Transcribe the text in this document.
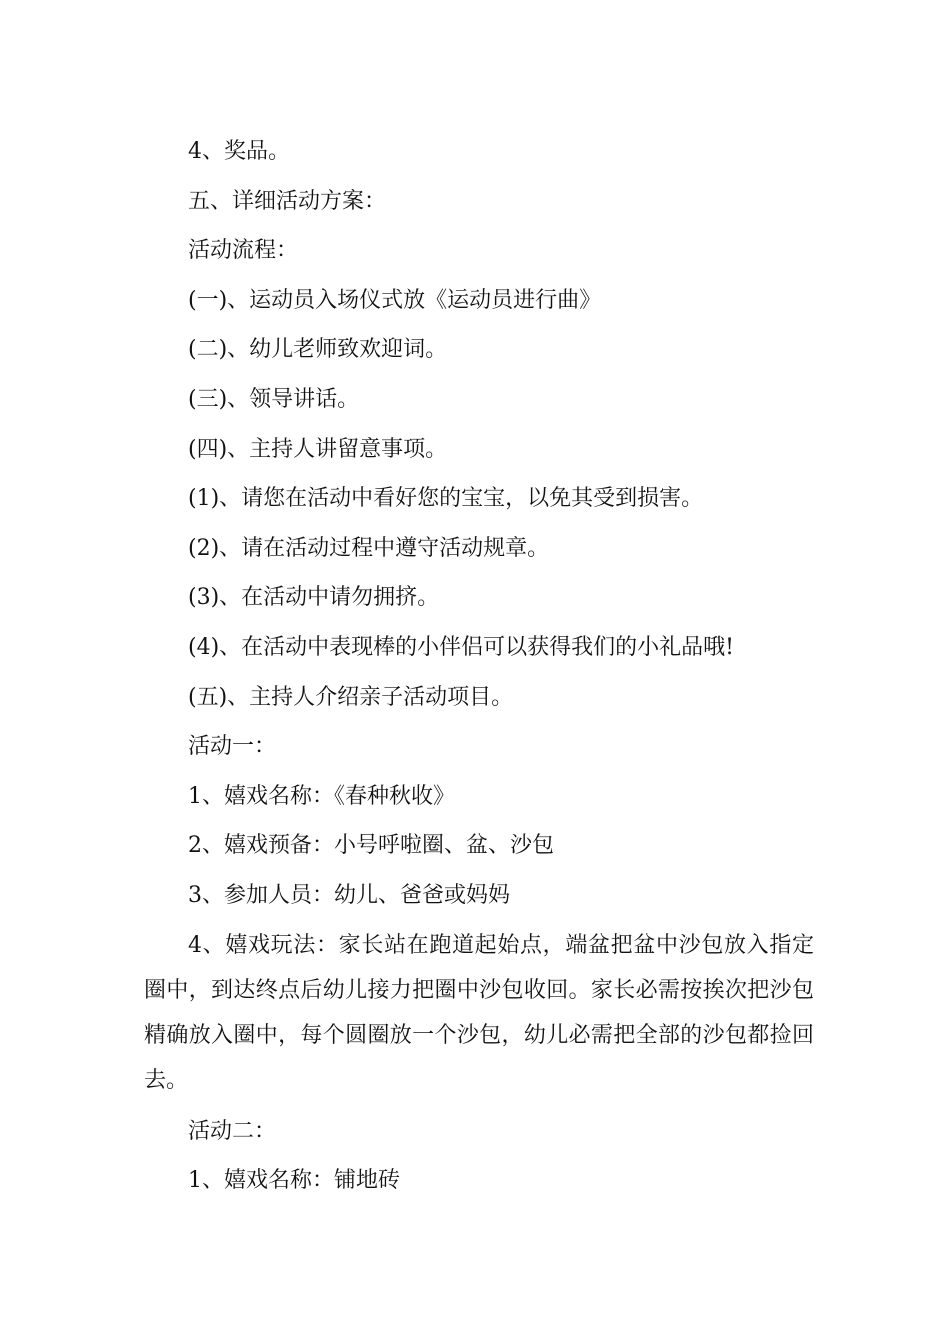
4、奖品。
五、详细活动方案：
活动流程：
(一)、运动员入场仪式放《运动员进行曲》
(二)、幼儿老师致欢迎词。
(三)、领导讲话。
(四)、主持人讲留意事项。
(1)、请您在活动中看好您的宝宝，以免其受到损害。
(2)、请在活动过程中遵守活动规章。
(3)、在活动中请勿拥挤。
(4)、在活动中表现棒的小伴侣可以获得我们的小礼品哦!
(五)、主持人介绍亲子活动项目。
活动一：
1、嬉戏名称：《春种秋收》
2、嬉戏预备：小号呼啦圈、盆、沙包
3、参加人员：幼儿、爸爸或妈妈

4、嬉戏玩法：家长站在跑道起始点，端盆把盆中沙包放入指定圈中，到达终点后幼儿接力把圈中沙包收回。家长必需按挨次把沙包精确放入圈中，每个圆圈放一个沙包，幼儿必需把全部的沙包都捡回去。

活动二：
1、嬉戏名称：铺地砖
